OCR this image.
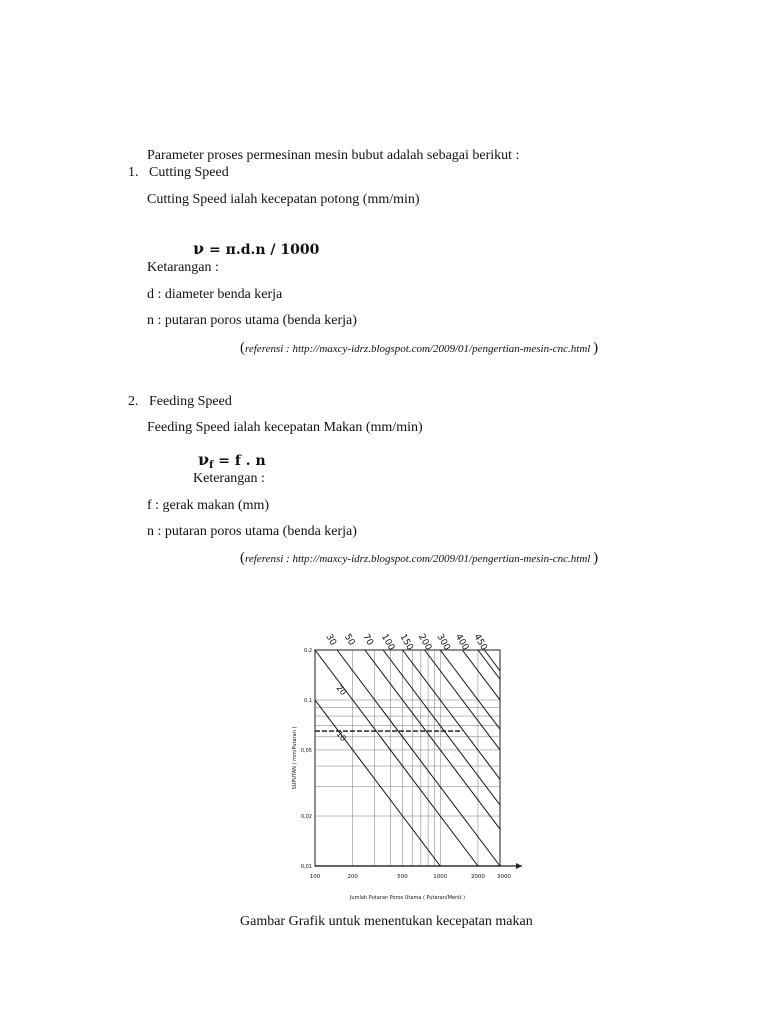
Parameter proses permesinan mesin bubut adalah sebagai berikut :
1. Cutting Speed
Cutting Speed ialah kecepatan potong (mm/min)
ν = π.d.n / 1000
Ketarangan :
d : diameter benda kerja
n : putaran poros utama (benda kerja)
(referensi : http://maxcy-idrz.blogspot.com/2009/01/pengertian-mesin-cnc.html )
2. Feeding Speed
Feeding Speed ialah kecepatan Makan (mm/min)
$\nu_f = f$ . n
Keterangan :
f : gerak makan (mm)
n : putaran poros utama (benda kerja)
(referensi : http://maxcy-idrz.blogspot.com/2009/01/pengertian-mesin-cnc.html )
0,2
0,1
0,05
0,02
0,01
100	200	500	1000	2000 3000
30 50 70 100 150 200 300 400 450
20
10
SUPUTAN ( mm/Putaran )
Jumlah Putaran Poros Utama ( Putaran/Menit )
Gambar Grafik untuk menentukan kecepatan makan
